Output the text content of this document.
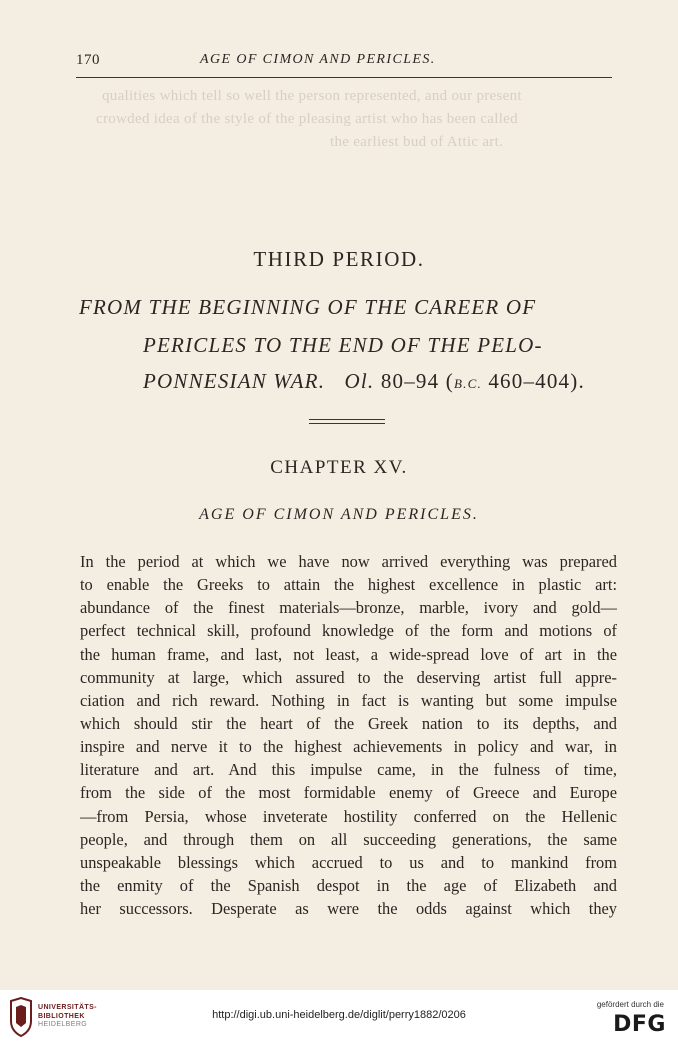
170	AGE OF CIMON AND PERICLES.
qualities which tell so well the person represented, and our present
crowded idea of the style of the pleasing artist who has been called
the earliest bud of Attic art.
THIRD PERIOD.
FROM THE BEGINNING OF THE CAREER OF
PERICLES TO THE END OF THE PELO-
PONNESIAN WAR. Ol. 80–94 (B.C. 460–404).
CHAPTER XV.
AGE OF CIMON AND PERICLES.
In the period at which we have now arrived everything was prepared
to enable the Greeks to attain the highest excellence in plastic art:
abundance of the finest materials—bronze, marble, ivory and gold—
perfect technical skill, profound knowledge of the form and motions of
the human frame, and last, not least, a wide-spread love of art in the
community at large, which assured to the deserving artist full appre-
ciation and rich reward. Nothing in fact is wanting but some impulse
which should stir the heart of the Greek nation to its depths, and
inspire and nerve it to the highest achievements in policy and war, in
literature and art. And this impulse came, in the fulness of time,
from the side of the most formidable enemy of Greece and Europe
—from Persia, whose inveterate hostility conferred on the Hellenic
people, and through them on all succeeding generations, the same
unspeakable blessings which accrued to us and to mankind from
the enmity of the Spanish despot in the age of Elizabeth and
her successors. Desperate as were the odds against which they
UNIVERSITÄTS-
BIBLIOTHEK
HEIDELBERG
http://digi.ub.uni-heidelberg.de/diglit/perry1882/0206
gefördert durch die
DFG
